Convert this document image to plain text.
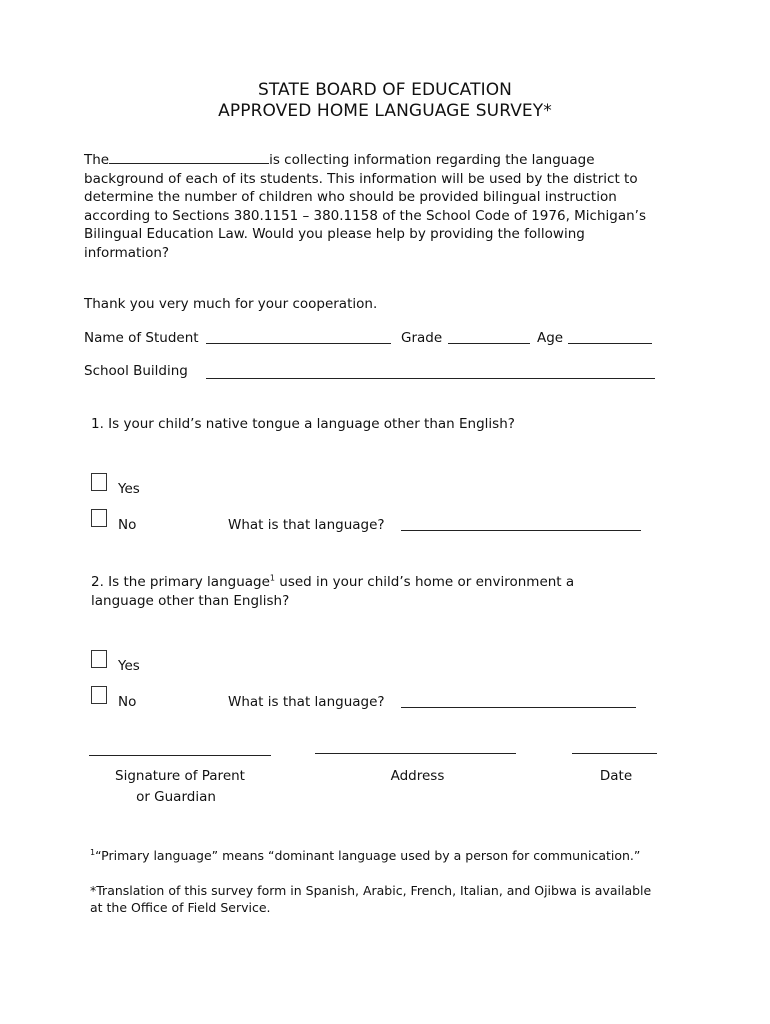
STATE BOARD OF EDUCATION
APPROVED HOME LANGUAGE SURVEY*
The	is collecting information regarding the language
background of each of its students. This information will be used by the district to
determine the number of children who should be provided bilingual instruction
according to Sections 380.1151 – 380.1158 of the School Code of 1976, Michigan’s
Bilingual Education Law. Would you please help by providing the following
information?
Thank you very much for your cooperation.
Name of Student	Grade	Age
School Building
1. Is your child’s native tongue a language other than English?
Yes
No	What is that language?
2. Is the primary language$^1$ used in your child’s home or environment a
language other than English?
Yes
No	What is that language?
Signature of Parent
or Guardian
Address	Date
$^1$“Primary language” means “dominant language used by a person for communication.”
*Translation of this survey form in Spanish, Arabic, French, Italian, and Ojibwa is available
at the Office of Field Service.
